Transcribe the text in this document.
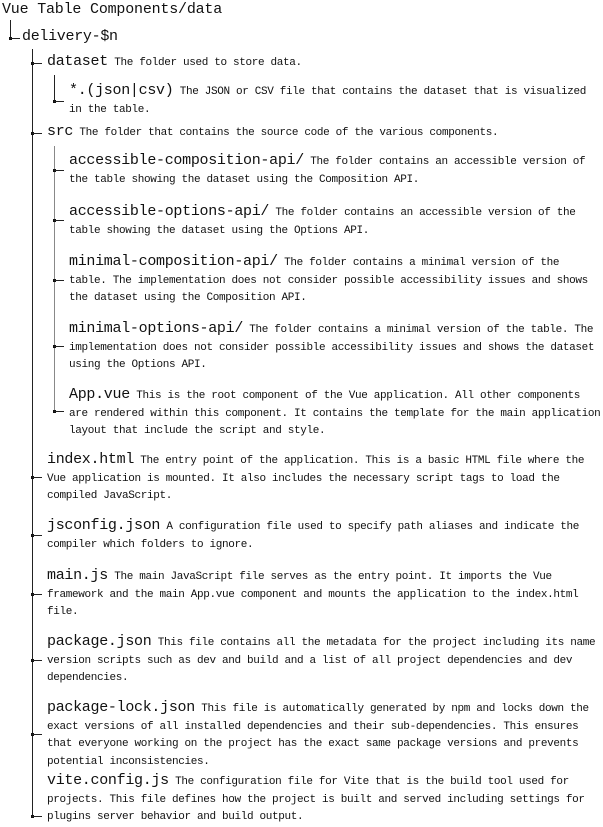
Vue Table Components/data
delivery-$n
dataset The folder used to store data.
*.(json|csv) The JSON or CSV file that contains the dataset that is visualized in the table.
src The folder that contains the source code of the various components.
accessible-composition-api/ The folder contains an accessible version of the table showing the dataset using the Composition API.
accessible-options-api/ The folder contains an accessible version of the table showing the dataset using the Options API.
minimal-composition-api/ The folder contains a minimal version of the table. The implementation does not consider possible accessibility issues and shows the dataset using the Composition API.
minimal-options-api/ The folder contains a minimal version of the table. The implementation does not consider possible accessibility issues and shows the dataset using the Options API.
App.vue This is the root component of the Vue application. All other components are rendered within this component. It contains the template for the main application layout that include the script and style.
index.html The entry point of the application. This is a basic HTML file where the Vue application is mounted. It also includes the necessary script tags to load the compiled JavaScript.
jsconfig.json A configuration file used to specify path aliases and indicate the compiler which folders to ignore.
main.js The main JavaScript file serves as the entry point. It imports the Vue framework and the main App.vue component and mounts the application to the index.html file.
package.json This file contains all the metadata for the project including its name version scripts such as dev and build and a list of all project dependencies and dev dependencies.
package-lock.json This file is automatically generated by npm and locks down the exact versions of all installed dependencies and their sub-dependencies. This ensures that everyone working on the project has the exact same package versions and prevents potential inconsistencies.
vite.config.js The configuration file for Vite that is the build tool used for projects. This file defines how the project is built and served including settings for plugins server behavior and build output.
